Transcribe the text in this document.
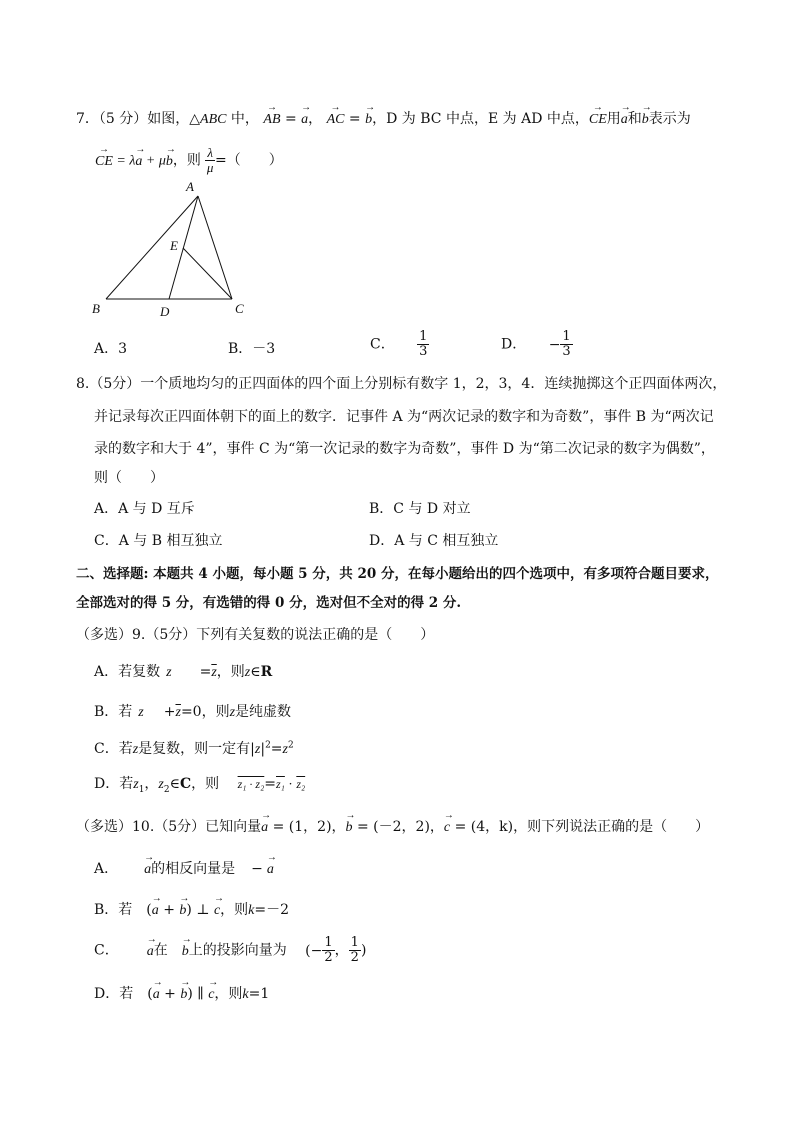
7．（5 分）如图，△ABC 中， → AB = → a， → AC = → b，D 为 BC 中点，E 为 AD 中点，→ CE用→ a和→ b表示为
→ CE = λ→ a + μ→ b，则 $\frac{\lambda}{\mu}$ =（　　）
A
B	C
D
E
A．3	B．－3	C． $\frac{1}{3}$	D． − $\frac{1}{3}$
8.（5分）一个质地均匀的正四面体的四个面上分别标有数字 1，2，3，4．连续抛掷这个正四面体两次，
并记录每次正四面体朝下的面上的数字．记事件 A 为“两次记录的数字和为奇数”，事件 B 为“两次记
录的数字和大于 4”，事件 C 为“第一次记录的数字为奇数”，事件 D 为“第二次记录的数字为偶数”，
则（　　）
A．A 与 D 互斥	B．C 与 D 对立
C．A 与 B 相互独立	D．A 与 C 相互独立
二、选择题: 本题共 4 小题，每小题 5 分，共 20 分，在每小题给出的四个选项中，有多项符合题目要求，
全部选对的得 5 分，有选错的得 0 分，选对但不全对的得 2 分.
（多选）9.（5分）下列有关复数的说法正确的是（　　）
A．若复数 $z =\overline{z}$，则z∈R
B．若 $z +\overline{z}=0$，则z是纯虚数
C．若z是复数，则一定有$|z|^2=z^2$
D．若$z_1$，$z_2\in C$，则 z₁ · z₂=z₁ · z₂
（多选）10.（5分）已知向量→ a = (1，2)，→ b = (－2，2)，→ c = (4，k)，则下列说法正确的是（　　）
A． → a的相反向量是 − → a
B．若 (→ a + → b) ⊥ → c，则k=－2
C． → a在 → b上的投影向量为 (− $\frac{1}{2}$ ， $\frac{1}{2}$ )
D．若 (→ a + → b) ∥ → c，则k=1
